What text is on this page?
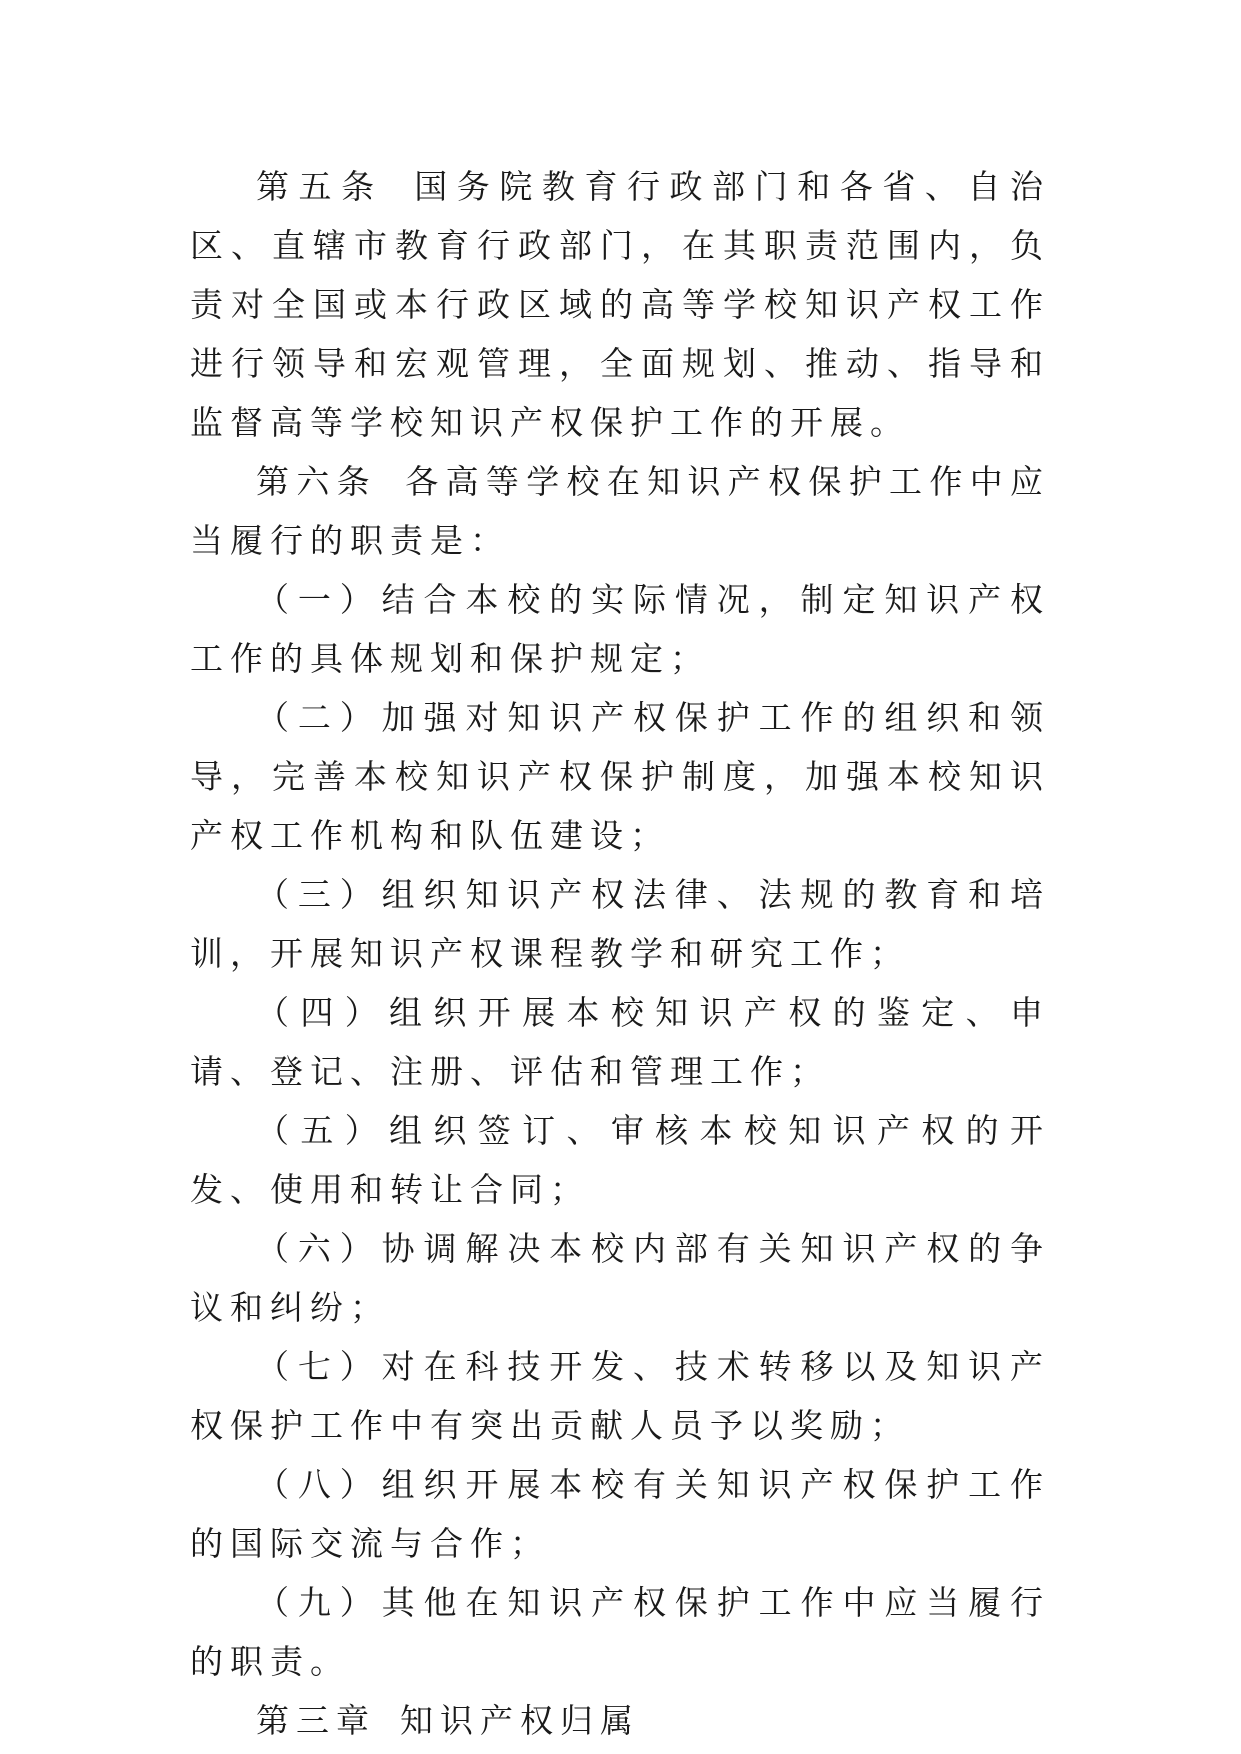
第五条 国务院教育行政部门和各省、自治区、直辖市教育行政部门，在其职责范围内，负责对全国或本行政区域的高等学校知识产权工作进行领导和宏观管理，全面规划、推动、指导和监督高等学校知识产权保护工作的开展。

第六条 各高等学校在知识产权保护工作中应当履行的职责是：

（一）结合本校的实际情况，制定知识产权工作的具体规划和保护规定；

（二）加强对知识产权保护工作的组织和领导，完善本校知识产权保护制度，加强本校知识产权工作机构和队伍建设；

（三）组织知识产权法律、法规的教育和培训，开展知识产权课程教学和研究工作；

（四）组织开展本校知识产权的鉴定、申请、登记、注册、评估和管理工作；

（五）组织签订、审核本校知识产权的开发、使用和转让合同；

（六）协调解决本校内部有关知识产权的争议和纠纷；

（七）对在科技开发、技术转移以及知识产权保护工作中有突出贡献人员予以奖励；

（八）组织开展本校有关知识产权保护工作的国际交流与合作；

（九）其他在知识产权保护工作中应当履行的职责。

第三章 知识产权归属
